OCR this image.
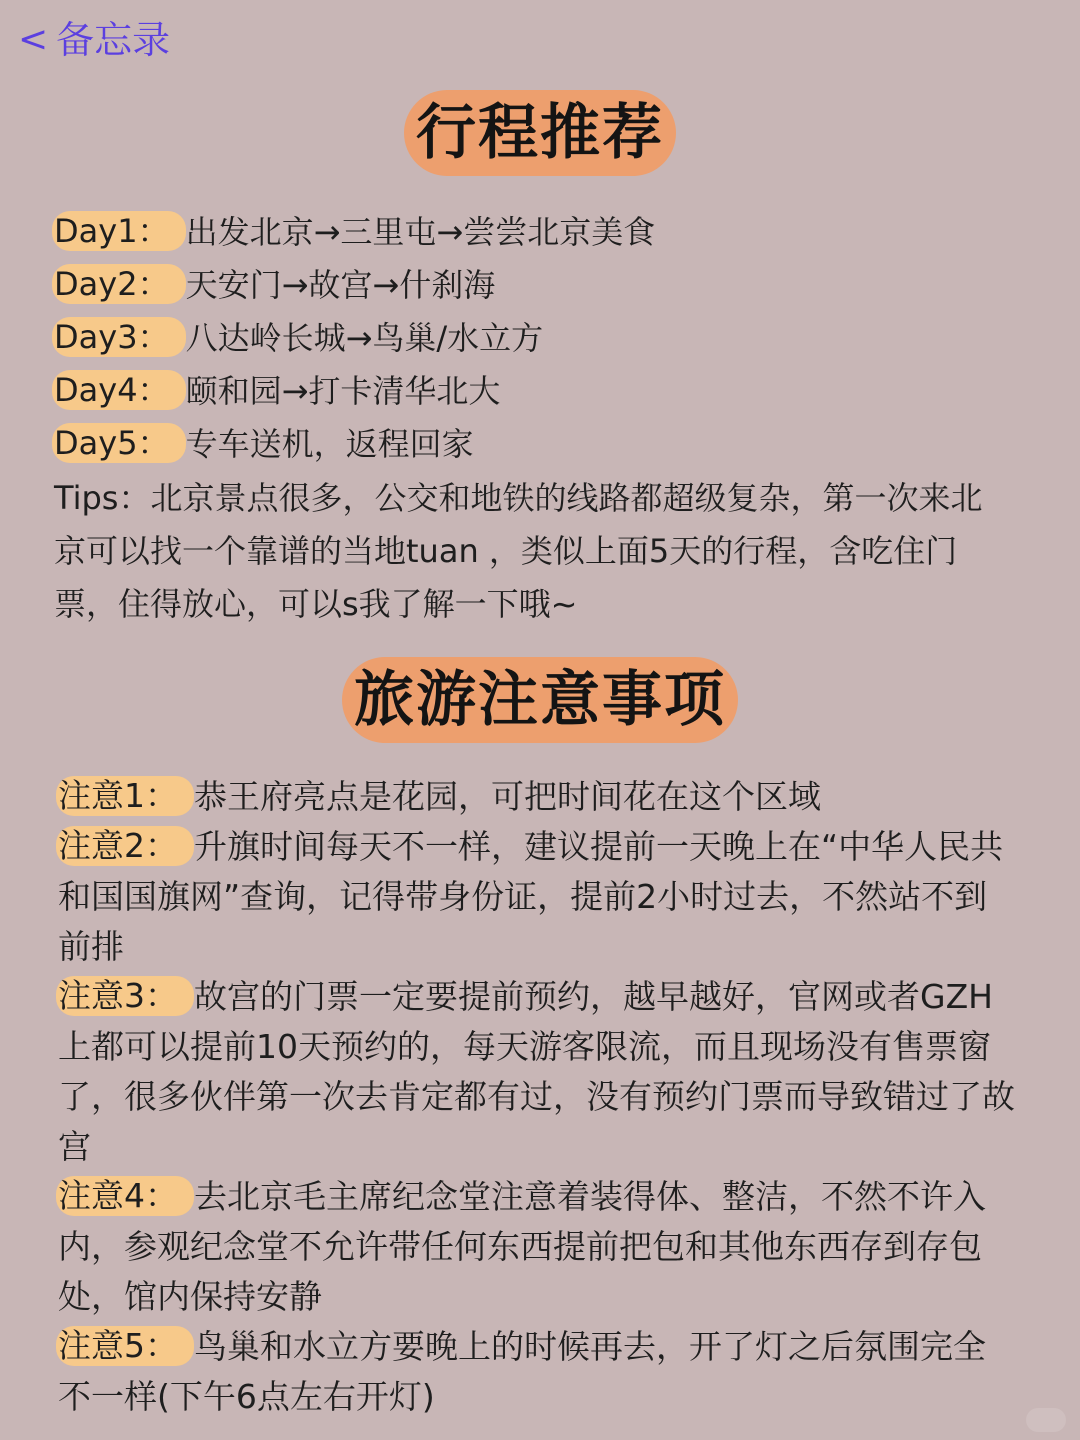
< 备忘录
行程推荐
Day1： 出发北京→三里屯→尝尝北京美食
Day2： 天安门→故宫→什刹海
Day3： 八达岭长城→鸟巢/水立方
Day4： 颐和园→打卡清华北大
Day5： 专车送机，返程回家

Tips：北京景点很多，公交和地铁的线路都超级复杂，第一次来北京可以找一个靠谱的当地tuan ，类似上面5天的行程，含吃住门票，住得放心，可以s我了解一下哦~

旅游注意事项
注意1： 恭王府亮点是花园，可把时间花在这个区域
注意2： 升旗时间每天不一样，建议提前一天晚上在“中华人民共和国国旗网”查询，记得带身份证，提前2小时过去，不然站不到前排
注意3： 故宫的门票一定要提前预约，越早越好，官网或者GZH上都可以提前10天预约的，每天游客限流，而且现场没有售票窗了，很多伙伴第一次去肯定都有过，没有预约门票而导致错过了故宫
注意4： 去北京毛主席纪念堂注意着装得体、整洁，不然不许入内，参观纪念堂不允许带任何东西提前把包和其他东西存到存包处，馆内保持安静
注意5： 鸟巢和水立方要晚上的时候再去，开了灯之后氛围完全不一样(下午6点左右开灯)
